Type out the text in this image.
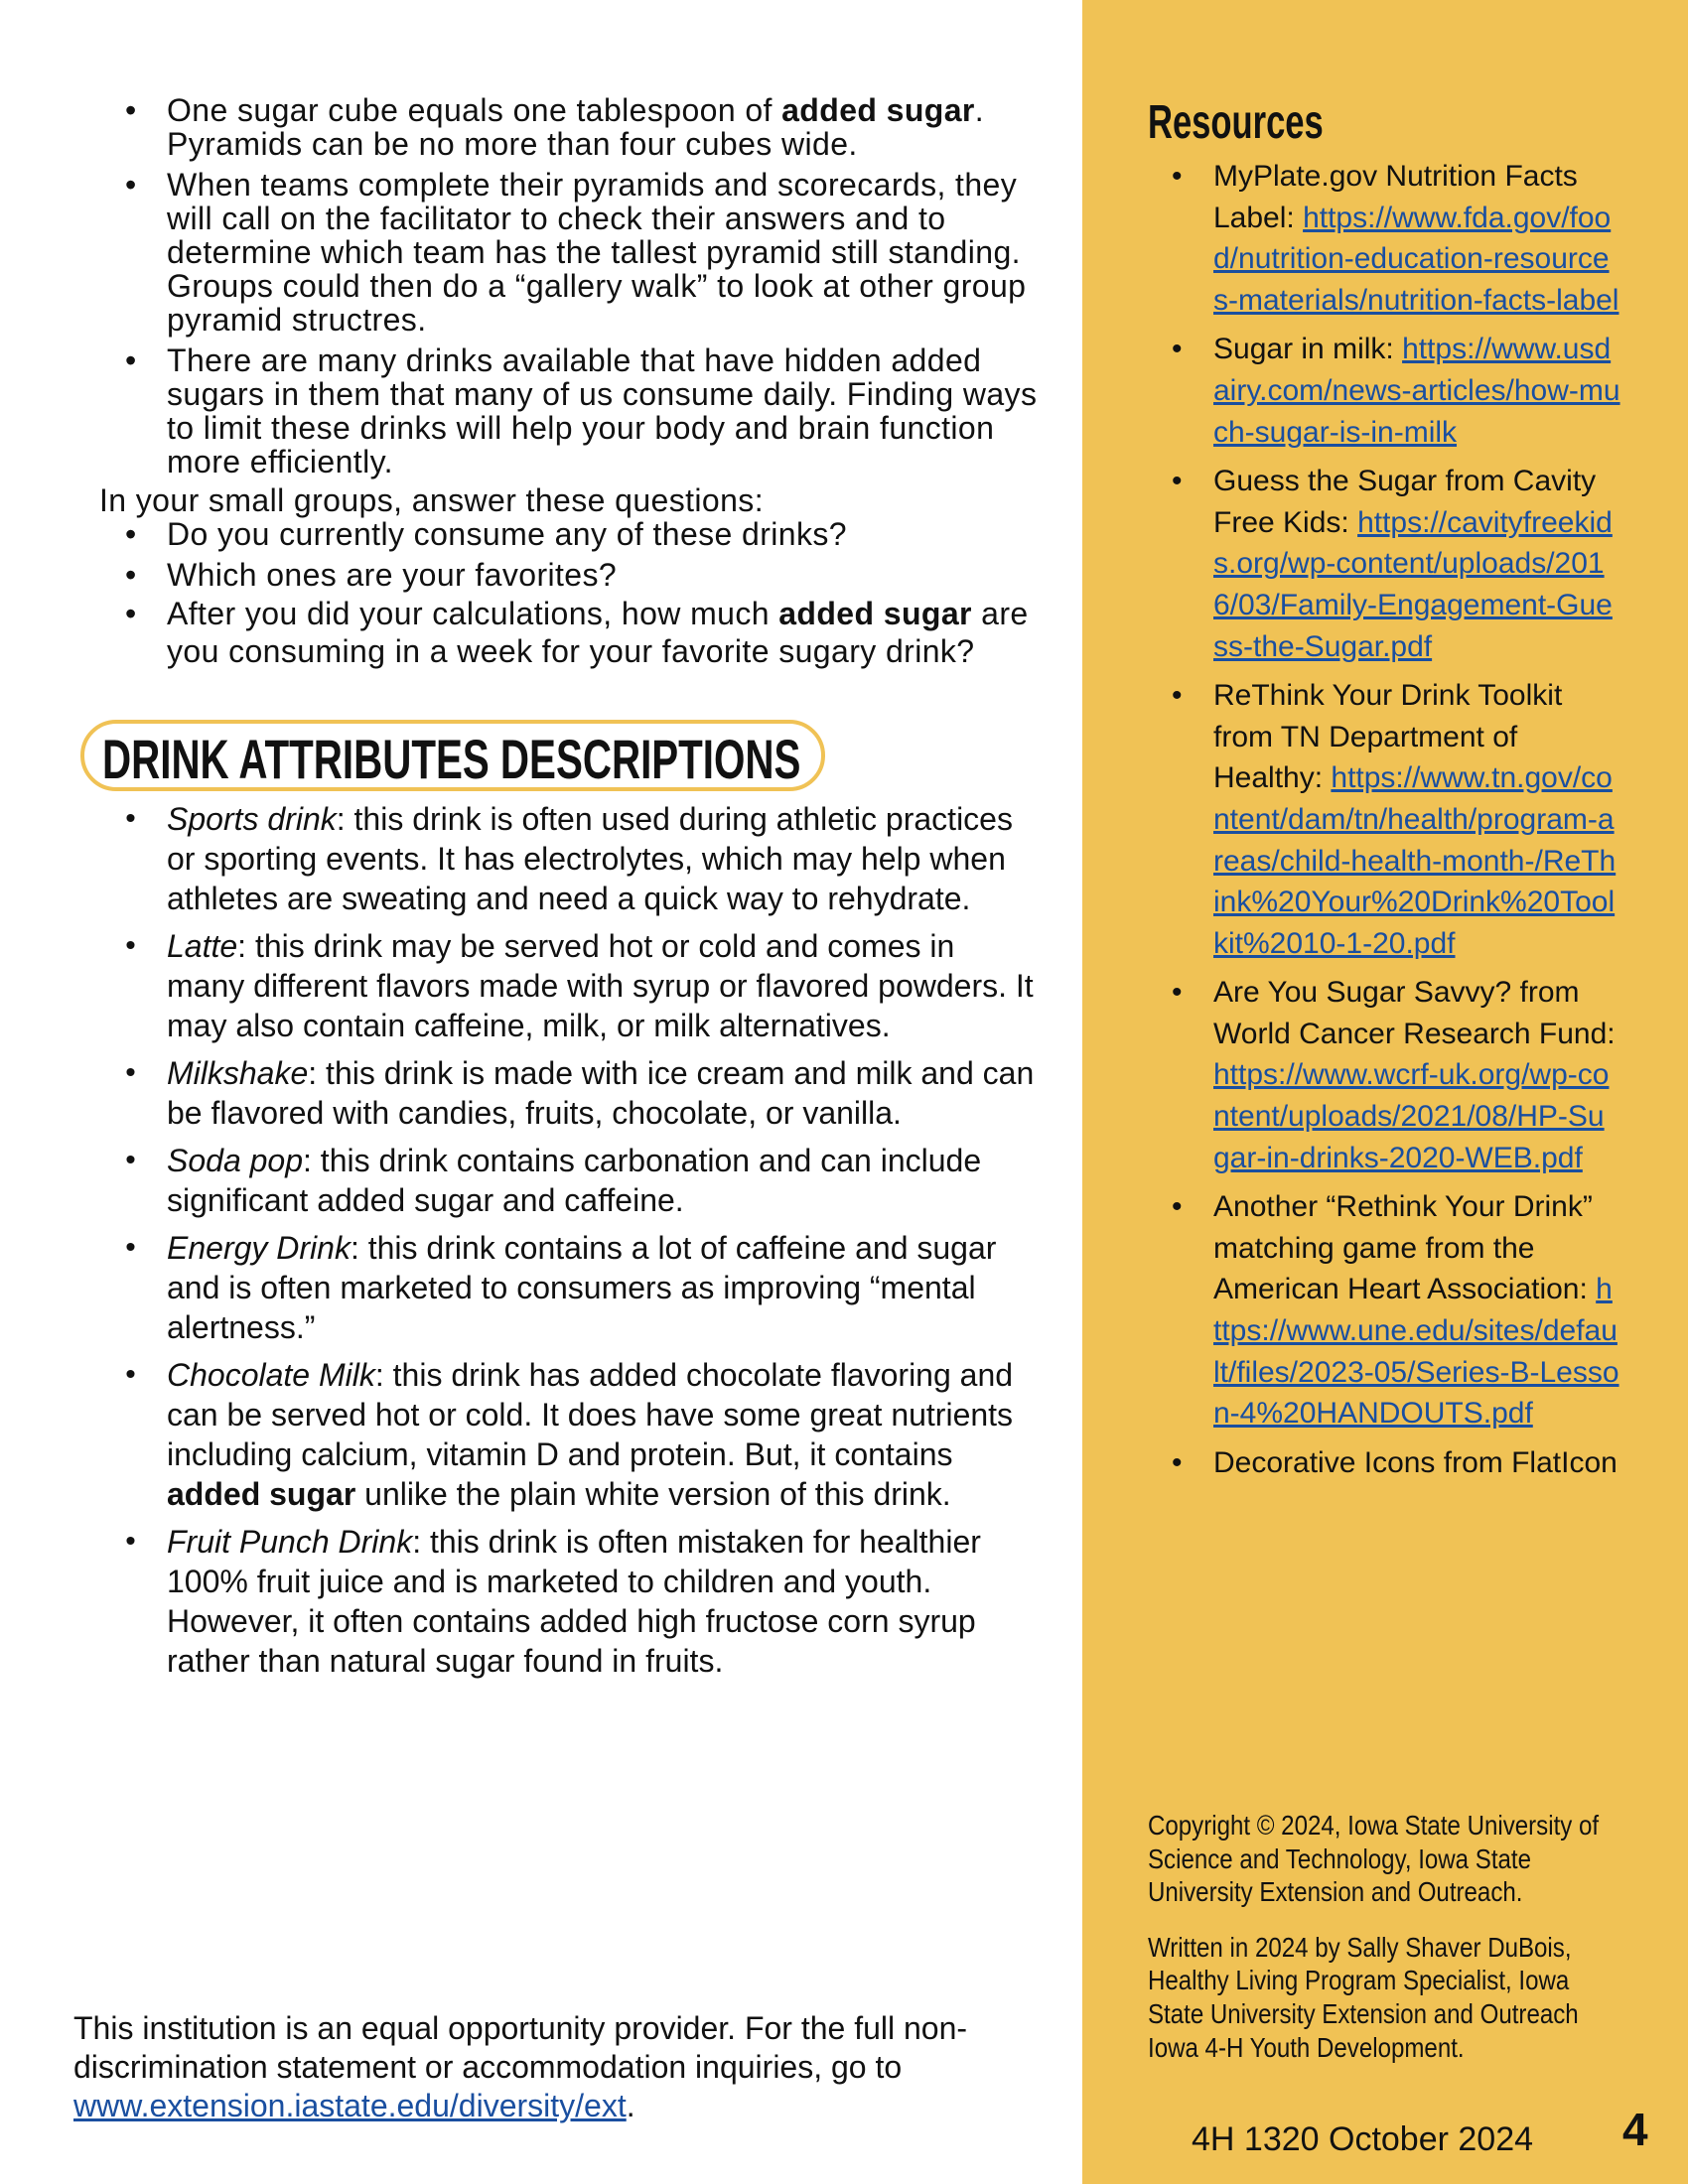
• One sugar cube equals one tablespoon of added sugar. Pyramids can be no more than four cubes wide.
• When teams complete their pyramids and scorecards, they will call on the facilitator to check their answers and to determine which team has the tallest pyramid still standing. Groups could then do a “gallery walk” to look at other group pyramid structres.
• There are many drinks available that have hidden added sugars in them that many of us consume daily. Finding ways to limit these drinks will help your body and brain function more efficiently.
In your small groups, answer these questions:
• Do you currently consume any of these drinks?
• Which ones are your favorites?
• After you did your calculations, how much added sugar are you consuming in a week for your favorite sugary drink?
DRINK ATTRIBUTES DESCRIPTIONS
• Sports drink: this drink is often used during athletic practices or sporting events. It has electrolytes, which may help when athletes are sweating and need a quick way to rehydrate.
• Latte: this drink may be served hot or cold and comes in many different flavors made with syrup or flavored powders. It may also contain caffeine, milk, or milk alternatives.
• Milkshake: this drink is made with ice cream and milk and can be flavored with candies, fruits, chocolate, or vanilla.
• Soda pop: this drink contains carbonation and can include significant added sugar and caffeine.
• Energy Drink: this drink contains a lot of caffeine and sugar and is often marketed to consumers as improving “mental alertness.”
• Chocolate Milk: this drink has added chocolate flavoring and can be served hot or cold. It does have some great nutrients including calcium, vitamin D and protein. But, it contains added sugar unlike the plain white version of this drink.
• Fruit Punch Drink: this drink is often mistaken for healthier 100% fruit juice and is marketed to children and youth. However, it often contains added high fructose corn syrup rather than natural sugar found in fruits.
This institution is an equal opportunity provider. For the full non-discrimination statement or accommodation inquiries, go to www.extension.iastate.edu/diversity/ext.
Resources
• MyPlate.gov Nutrition Facts Label: https://www.fda.gov/food/nutrition-education-resources-materials/nutrition-facts-label
• Sugar in milk: https://www.usdairy.com/news-articles/how-much-sugar-is-in-milk
• Guess the Sugar from Cavity Free Kids: https://cavityfreekids.org/wp-content/uploads/2016/03/Family-Engagement-Guess-the-Sugar.pdf
• ReThink Your Drink Toolkit from TN Department of Healthy: https://www.tn.gov/content/dam/tn/health/program-areas/child-health-month-/ReThink%20Your%20Drink%20Toolkit%2010-1-20.pdf
• Are You Sugar Savvy? from World Cancer Research Fund: https://www.wcrf-uk.org/wp-content/uploads/2021/08/HP-Sugar-in-drinks-2020-WEB.pdf
• Another “Rethink Your Drink” matching game from the American Heart Association: https://www.une.edu/sites/default/files/2023-05/Series-B-Lesson-4%20HANDOUTS.pdf
• Decorative Icons from FlatIcon

Copyright © 2024, Iowa State University of Science and Technology, Iowa State University Extension and Outreach.

Written in 2024 by Sally Shaver DuBois, Healthy Living Program Specialist, Iowa State University Extension and Outreach Iowa 4-H Youth Development.

4H 1320 October 2024 4
